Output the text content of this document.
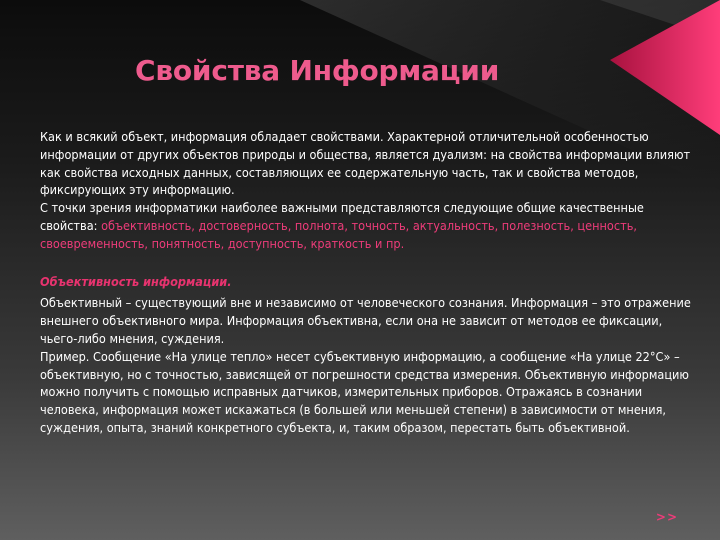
Свойства Информации

Как и всякий объект, информация обладает свойствами. Характерной отличительной особенностью информации от других объектов природы и общества, является дуализм: на свойства информации влияют как свойства исходных данных, составляющих ее содержательную часть, так и свойства методов, фиксирующих эту информацию.

С точки зрения информатики наиболее важными представляются следующие общие качественные свойства: объективность, достоверность, полнота, точность, актуальность, полезность, ценность, своевременность, понятность, доступность, краткость и пр.

Объективность информации.

Объективный – существующий вне и независимо от человеческого сознания. Информация – это отражение внешнего объективного мира. Информация объективна, если она не зависит от методов ее фиксации, чьего-либо мнения, суждения.

Пример. Сообщение «На улице тепло» несет субъективную информацию, а сообщение «На улице 22°С» – объективную, но с точностью, зависящей от погрешности средства измерения. Объективную информацию можно получить с помощью исправных датчиков, измерительных приборов. Отражаясь в сознании человека, информация может искажаться (в большей или меньшей степени) в зависимости от мнения, суждения, опыта, знаний конкретного субъекта, и, таким образом, перестать быть объективной.

>>
